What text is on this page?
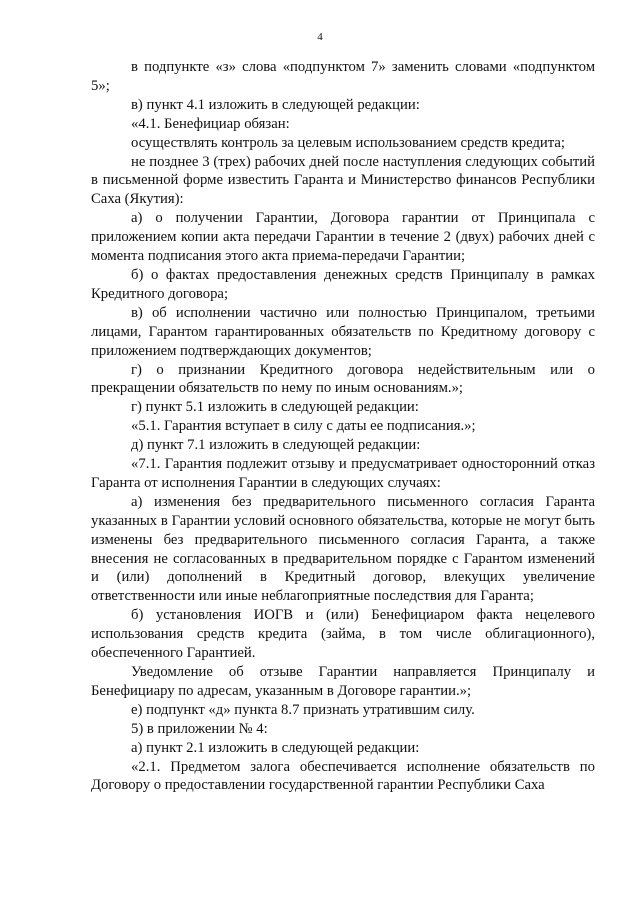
4

в подпункте «з» слова «подпунктом 7» заменить словами «подпунктом 5»;

в) пункт 4.1 изложить в следующей редакции:

«4.1. Бенефициар обязан:

осуществлять контроль за целевым использованием средств кредита;

не позднее 3 (трех) рабочих дней после наступления следующих событий в письменной форме известить Гаранта и Министерство финансов Республики Саха (Якутия):

а) о получении Гарантии, Договора гарантии от Принципала с приложением копии акта передачи Гарантии в течение 2 (двух) рабочих дней с момента подписания этого акта приема-передачи Гарантии;

б) о фактах предоставления денежных средств Принципалу в рамках Кредитного договора;

в) об исполнении частично или полностью Принципалом, третьими лицами, Гарантом гарантированных обязательств по Кредитному договору с приложением подтверждающих документов;

г) о признании Кредитного договора недействительным или о прекращении обязательств по нему по иным основаниям.»;

г) пункт 5.1 изложить в следующей редакции:

«5.1. Гарантия вступает в силу с даты ее подписания.»;

д) пункт 7.1 изложить в следующей редакции:

«7.1. Гарантия подлежит отзыву и предусматривает односторонний отказ Гаранта от исполнения Гарантии в следующих случаях:

а) изменения без предварительного письменного согласия Гаранта указанных в Гарантии условий основного обязательства, которые не могут быть изменены без предварительного письменного согласия Гаранта, а также внесения не согласованных в предварительном порядке с Гарантом изменений и (или) дополнений в Кредитный договор, влекущих увеличение ответственности или иные неблагоприятные последствия для Гаранта;

б) установления ИОГВ и (или) Бенефициаром факта нецелевого использования средств кредита (займа, в том числе облигационного), обеспеченного Гарантией.

Уведомление об отзыве Гарантии направляется Принципалу и Бенефициару по адресам, указанным в Договоре гарантии.»;

е) подпункт «д» пункта 8.7 признать утратившим силу.

5) в приложении № 4:

а) пункт 2.1 изложить в следующей редакции:

«2.1. Предметом залога обеспечивается исполнение обязательств по Договору о предоставлении государственной гарантии Республики Саха
